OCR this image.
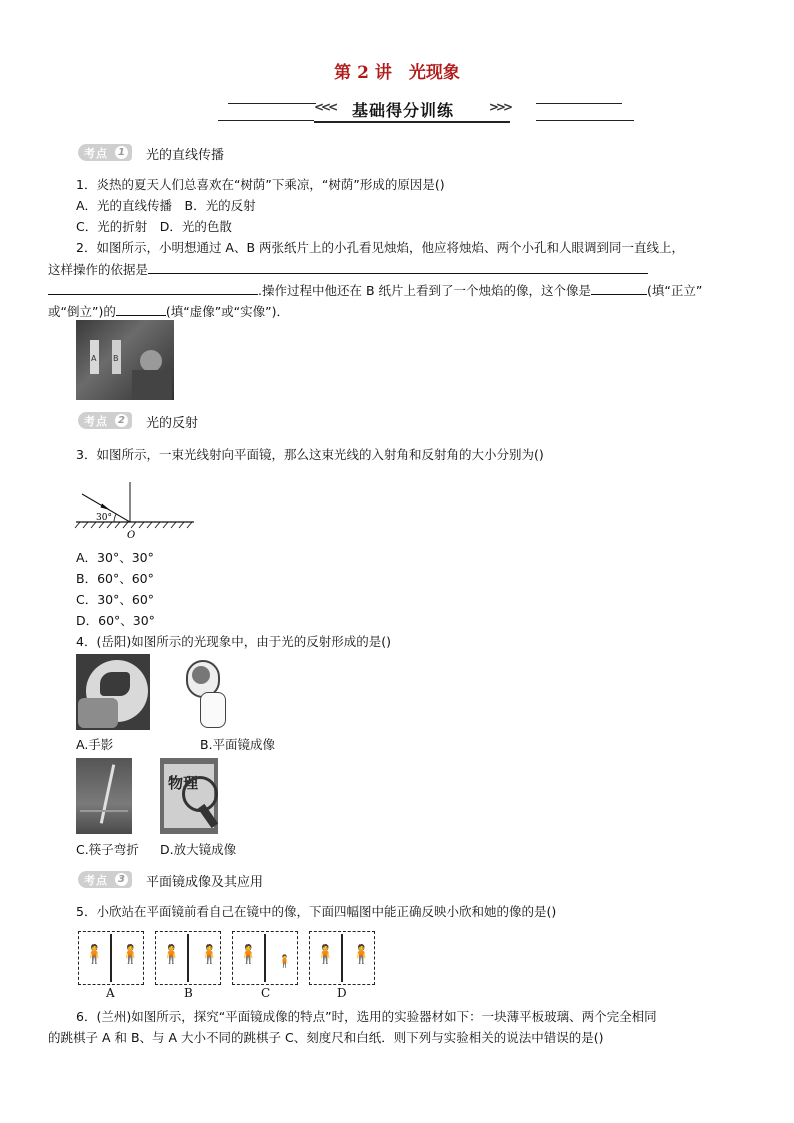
第 2 讲　光现象
<<< 基础得分训练	>>>
考点	1 光的直线传播
1．炎热的夏天人们总喜欢在“树荫”下乘凉，“树荫”形成的原因是()
A．光的直线传播　B．光的反射
C．光的折射　D．光的色散
2．如图所示，小明想通过 A、B 两张纸片上的小孔看见烛焰，他应将烛焰、两个小孔和人眼调到同一直线上，
这样操作的依据是
.操作过程中他还在 B 纸片上看到了一个烛焰的像，这个像是	(填“正立”
或“倒立”)的	(填“虚像”或“实像”)．
A B
考点	2 光的反射
3．如图所示，一束光线射向平面镜，那么这束光线的入射角和反射角的大小分别为()
30°
O
A．30°、30°
B．60°、60°
C．30°、60°
D．60°、30°
4．(岳阳)如图所示的光现象中，由于光的反射形成的是()
A.手影	B.平面镜成像
物理
C.筷子弯折 D.放大镜成像
考点	3 平面镜成像及其应用
5．小欣站在平面镜前看自己在镜中的像，下面四幅图中能正确反映小欣和她的像的是()
🧍 🧍 🧍 🧍 🧍 🧍 🧍 🧍
A	B	C	D
6．(兰州)如图所示，探究“平面镜成像的特点”时，选用的实验器材如下：一块薄平板玻璃、两个完全相同
的跳棋子 A 和 B、与 A 大小不同的跳棋子 C、刻度尺和白纸．则下列与实验相关的说法中错误的是()
